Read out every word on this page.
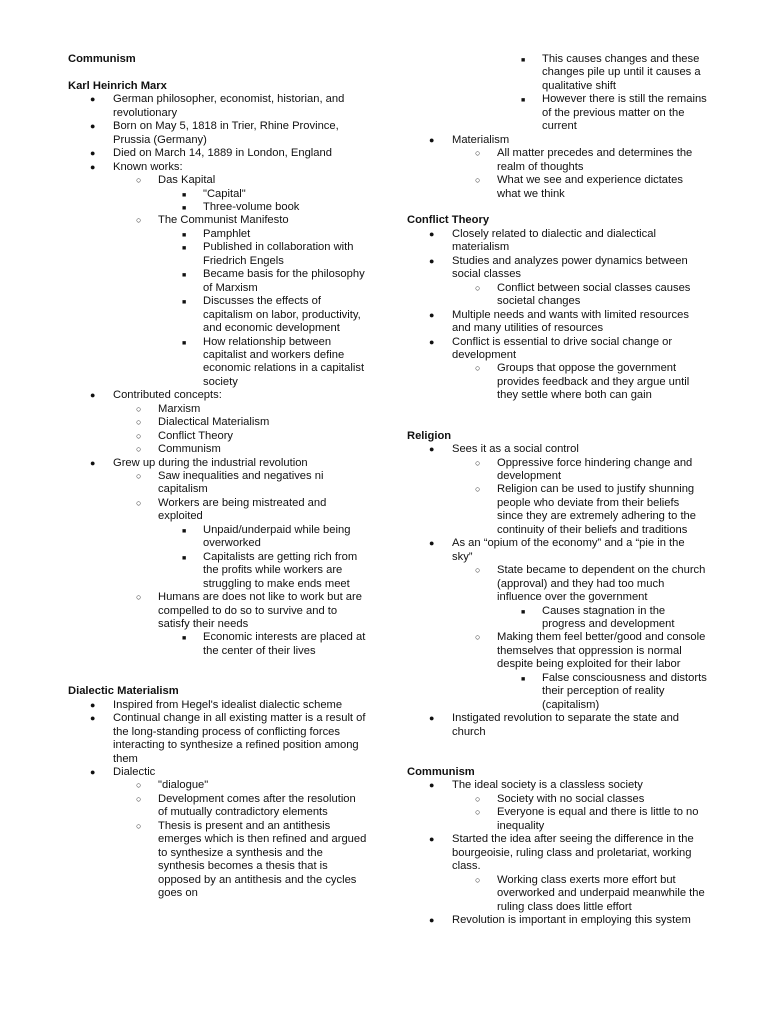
Communism
Karl Heinrich Marx
● German philosopher, economist, historian, and revolutionary
● Born on May 5, 1818 in Trier, Rhine Province, Prussia (Germany)
● Died on March 14, 1889 in London, England
● Known works:
○ Das Kapital
■ "Capital"
■ Three-volume book
○ The Communist Manifesto
■ Pamphlet
■ Published in collaboration with Friedrich Engels
■ Became basis for the philosophy of Marxism
■ Discusses the effects of capitalism on labor, productivity, and economic development
■ How relationship between capitalist and workers define economic relations in a capitalist society
● Contributed concepts:
○ Marxism
○ Dialectical Materialism
○ Conflict Theory
○ Communism
● Grew up during the industrial revolution
○ Saw inequalities and negatives ni capitalism
○ Workers are being mistreated and exploited
■ Unpaid/underpaid while being overworked
■ Capitalists are getting rich from the profits while workers are struggling to make ends meet
○ Humans are does not like to work but are compelled to do so to survive and to satisfy their needs
■ Economic interests are placed at the center of their lives
Dialectic Materialism
● Inspired from Hegel's idealist dialectic scheme
● Continual change in all existing matter is a result of the long-standing process of conflicting forces interacting to synthesize a refined position among them
● Dialectic
○ "dialogue"
○ Development comes after the resolution of mutually contradictory elements
○ Thesis is present and an antithesis emerges which is then refined and argued to synthesize a synthesis and the synthesis becomes a thesis that is opposed by an antithesis and the cycles goes on
■ This causes changes and these changes pile up until it causes a qualitative shift
■ However there is still the remains of the previous matter on the current
● Materialism
○ All matter precedes and determines the realm of thoughts
○ What we see and experience dictates what we think
Conflict Theory
● Closely related to dialectic and dialectical materialism
● Studies and analyzes power dynamics between social classes
○ Conflict between social classes causes societal changes
● Multiple needs and wants with limited resources and many utilities of resources
● Conflict is essential to drive social change or development
○ Groups that oppose the government provides feedback and they argue until they settle where both can gain
Religion
● Sees it as a social control
○ Oppressive force hindering change and development
○ Religion can be used to justify shunning people who deviate from their beliefs since they are extremely adhering to the continuity of their beliefs and traditions
● As an “opium of the economy” and a “pie in the sky”
○ State became to dependent on the church (approval) and they had too much influence over the government
■ Causes stagnation in the progress and development
○ Making them feel better/good and console themselves that oppression is normal despite being exploited for their labor
■ False consciousness and distorts their perception of reality (capitalism)
● Instigated revolution to separate the state and church
Communism
● The ideal society is a classless society
○ Society with no social classes
○ Everyone is equal and there is little to no inequality
● Started the idea after seeing the difference in the bourgeoisie, ruling class and proletariat, working class.
○ Working class exerts more effort but overworked and underpaid meanwhile the ruling class does little effort
● Revolution is important in employing this system
